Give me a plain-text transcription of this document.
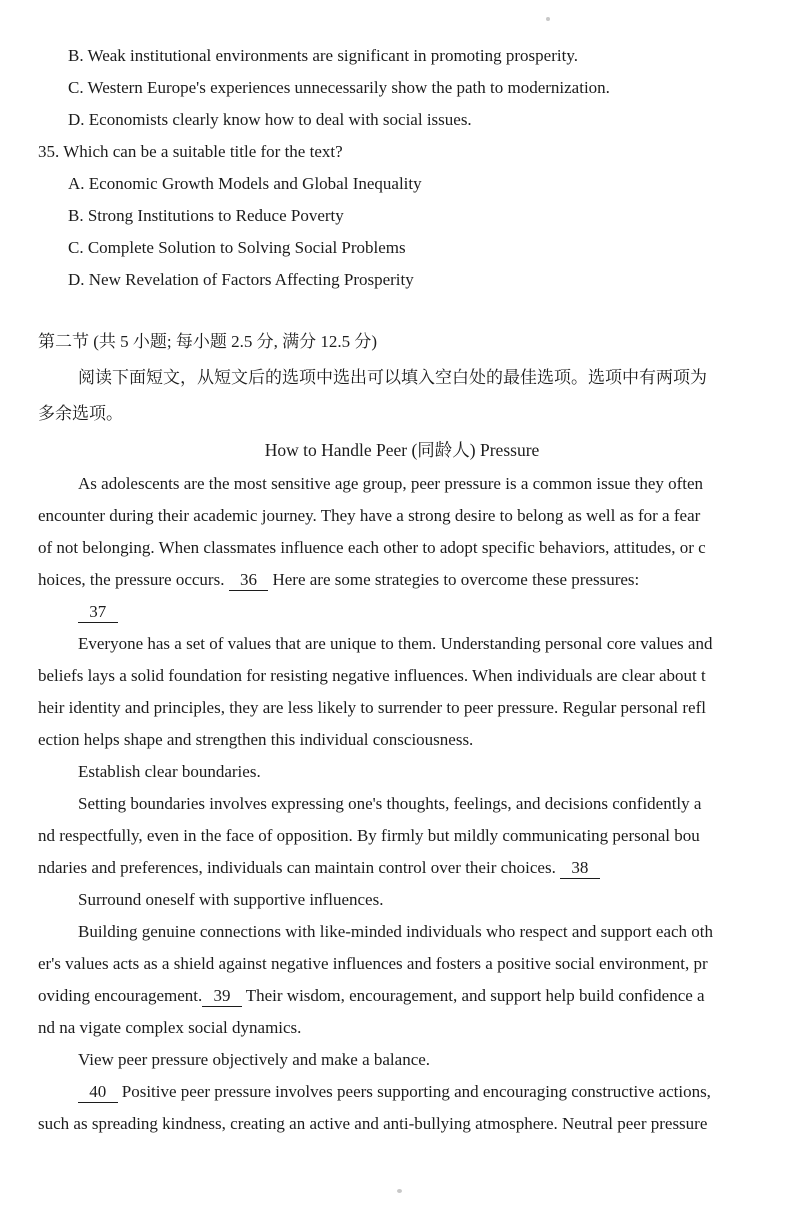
B. Weak institutional environments are significant in promoting prosperity.
C. Western Europe's experiences unnecessarily show the path to modernization.
D. Economists clearly know how to deal with social issues.
35. Which can be a suitable title for the text?
A. Economic Growth Models and Global Inequality
B. Strong Institutions to Reduce Poverty
C. Complete Solution to Solving Social Problems
D. New Revelation of Factors Affecting Prosperity
第二节 (共 5 小题; 每小题 2.5 分, 满分 12.5 分)
阅读下面短文，从短文后的选项中选出可以填入空白处的最佳选项。选项中有两项为
多余选项。
How to Handle Peer (同龄人) Pressure
As adolescents are the most sensitive age group, peer pressure is a common issue they often
encounter during their academic journey. They have a strong desire to belong as well as for a fear
of not belonging. When classmates influence each other to adopt specific behaviors, attitudes, or c
hoices, the pressure occurs.  36  Here are some strategies to overcome these pressures:
37
Everyone has a set of values that are unique to them. Understanding personal core values and
beliefs lays a solid foundation for resisting negative influences. When individuals are clear about t
heir identity and principles, they are less likely to surrender to peer pressure. Regular personal refl
ection helps shape and strengthen this individual consciousness.
Establish clear boundaries.
Setting boundaries involves expressing one's thoughts, feelings, and decisions confidently a
nd respectfully, even in the face of opposition. By firmly but mildly communicating personal bou
ndaries and preferences, individuals can maintain control over their choices.  38
Surround oneself with supportive influences.
Building genuine connections with like-minded individuals who respect and support each oth
er's values acts as a shield against negative influences and fosters a positive social environment, pr
oviding encouragement. 39  Their wisdom, encouragement, and support help build confidence a
nd na vigate complex social dynamics.
View peer pressure objectively and make a balance.
40  Positive peer pressure involves peers supporting and encouraging constructive actions,
such as spreading kindness, creating an active and anti-bullying atmosphere. Neutral peer pressure
